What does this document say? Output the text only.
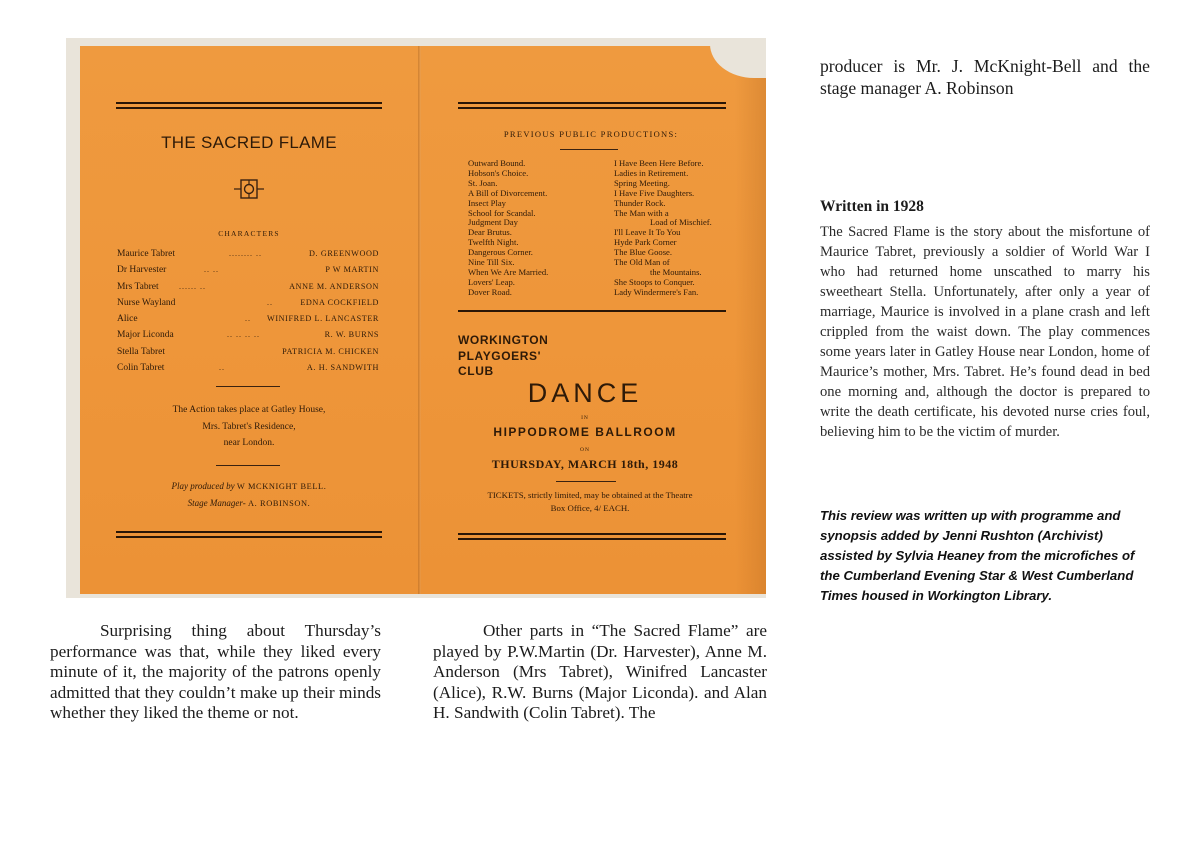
THE SACRED FLAME
CHARACTERS
Maurice Tabret	........ ..	D. GREENWOOD
Dr Harvester	.. ..	P W MARTIN
Mrs Tabret	...... ..	ANNE M. ANDERSON
Nurse Wayland	..	EDNA COCKFIELD
Alice	.. WINIFRED L. LANCASTER
Major Liconda	.. .. .. ..	R. W. BURNS
Stella Tabret	PATRICIA M. CHICKEN
Colin Tabret	..	A. H. SANDWITH
The Action takes place at Gatley House,
Mrs. Tabret's Residence,
near London.
Play produced by W MCKNIGHT BELL.
Stage Manager- A. ROBINSON.
PREVIOUS PUBLIC PRODUCTIONS:
Outward Bound.
Hobson's Choice.
St. Joan.
A Bill of Divorcement.
Insect Play
School for Scandal.
Judgment Day
Dear Brutus.
Twelfth Night.
Dangerous Corner.
Nine Till Six.
When We Are Married.
Lovers' Leap.
Dover Road.
I Have Been Here Before.
Ladies in Retirement.
Spring Meeting.
I Have Five Daughters.
Thunder Rock.
The Man with a
Load of Mischief.
I'll Leave It To You
Hyde Park Corner
The Blue Goose.
The Old Man of
the Mountains.
She Stoops to Conquer.
Lady Windermere's Fan.
WORKINGTON
PLAYGOERS'
CLUB
DANCE
IN
HIPPODROME BALLROOM
ON
THURSDAY, MARCH 18th, 1948
TICKETS, strictly limited, may be obtained at the Theatre
Box Office, 4/ EACH.
Surprising thing about Thursday’s performance was that, while they liked every minute of it, the majority of the patrons openly admitted that they couldn’t make up their minds whether they liked the theme or not.
Other parts in “The Sacred Flame” are played by P.W.Martin (Dr. Harvester), Anne M. Anderson (Mrs Tabret), Winifred Lancaster (Alice), R.W. Burns (Major Liconda). and Alan H. Sandwith (Colin Tabret). The
producer is Mr. J. McKnight-Bell and the stage manager A. Robinson
Written in 1928
The Sacred Flame is the story about the misfortune of Maurice Tabret, previously a soldier of World War I who had returned home unscathed to marry his sweetheart Stella. Unfortunately, after only a year of marriage, Maurice is involved in a plane crash and left crippled from the waist down. The play commences some years later in Gatley House near London, home of Maurice’s mother, Mrs. Tabret. He’s found dead in bed one morning and, although the doctor is prepared to write the death certificate, his devoted nurse cries foul, believing him to be the victim of murder.
This review was written up with programme and synopsis added by Jenni Rushton (Archivist) assisted by Sylvia Heaney from the microfiches of the Cumberland Evening Star & West Cumberland Times housed in Workington Library.
